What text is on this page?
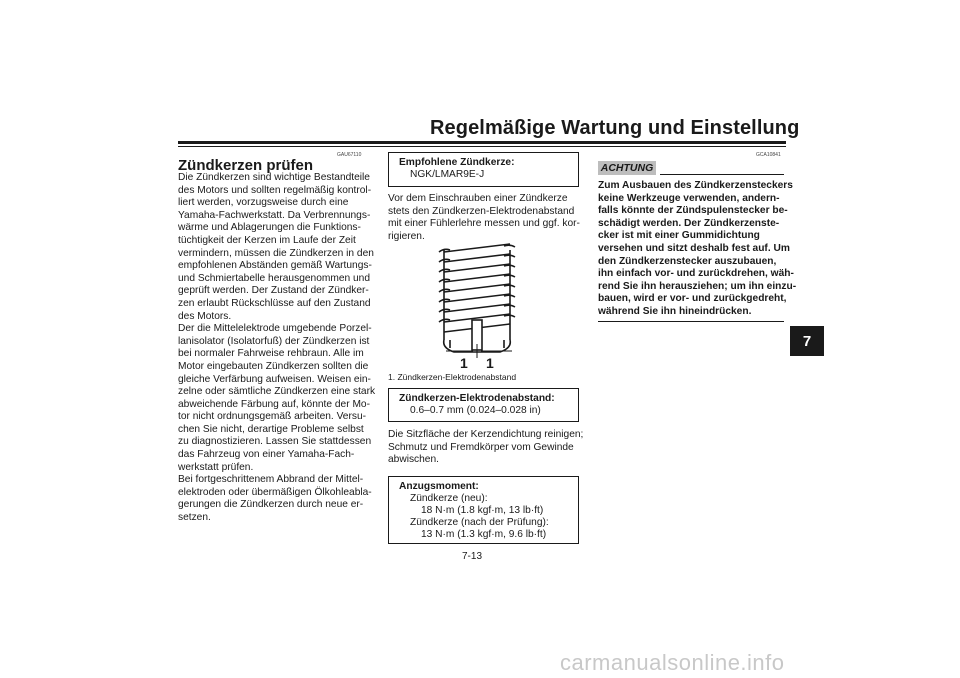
Regelmäßige Wartung und Einstellung
7
GAU67110
Zündkerzen prüfen
Die Zündkerzen sind wichtige Bestandteile
des Motors und sollten regelmäßig kontrol-
liert werden, vorzugsweise durch eine
Yamaha-Fachwerkstatt. Da Verbrennungs-
wärme und Ablagerungen die Funktions-
tüchtigkeit der Kerzen im Laufe der Zeit
vermindern, müssen die Zündkerzen in den
empfohlenen Abständen gemäß Wartungs-
und Schmiertabelle herausgenommen und
geprüft werden. Der Zustand der Zündker-
zen erlaubt Rückschlüsse auf den Zustand
des Motors.
Der die Mittelelektrode umgebende Porzel-
lanisolator (Isolatorfuß) der Zündkerzen ist
bei normaler Fahrweise rehbraun. Alle im
Motor eingebauten Zündkerzen sollten die
gleiche Verfärbung aufweisen. Weisen ein-
zelne oder sämtliche Zündkerzen eine stark
abweichende Färbung auf, könnte der Mo-
tor nicht ordnungsgemäß arbeiten. Versu-
chen Sie nicht, derartige Probleme selbst
zu diagnostizieren. Lassen Sie stattdessen
das Fahrzeug von einer Yamaha-Fach-
werkstatt prüfen.
Bei fortgeschrittenem Abbrand der Mittel-
elektroden oder übermäßigen Ölkohleabla-
gerungen die Zündkerzen durch neue er-
setzen.
Empfohlene Zündkerze:
NGK/LMAR9E-J
Vor dem Einschrauben einer Zündkerze
stets den Zündkerzen-Elektrodenabstand
mit einer Fühlerlehre messen und ggf. kor-
rigieren.
1 1
1. Zündkerzen-Elektrodenabstand
Zündkerzen-Elektrodenabstand:
0.6–0.7 mm (0.024–0.028 in)
Die Sitzfläche der Kerzendichtung reinigen;
Schmutz und Fremdkörper vom Gewinde
abwischen.
Anzugsmoment:
Zündkerze (neu):
18 N·m (1.8 kgf·m, 13 lb·ft)
Zündkerze (nach der Prüfung):
13 N·m (1.3 kgf·m, 9.6 lb·ft)
GCA10841
ACHTUNG
Zum Ausbauen des Zündkerzensteckers
keine Werkzeuge verwenden, andern-
falls könnte der Zündspulenstecker be-
schädigt werden. Der Zündkerzenste-
cker ist mit einer Gummidichtung
versehen und sitzt deshalb fest auf. Um
den Zündkerzenstecker auszubauen,
ihn einfach vor- und zurückdrehen, wäh-
rend Sie ihn herausziehen; um ihn einzu-
bauen, wird er vor- und zurückgedreht,
während Sie ihn hineindrücken.
7-13
carmanualsonline.info
